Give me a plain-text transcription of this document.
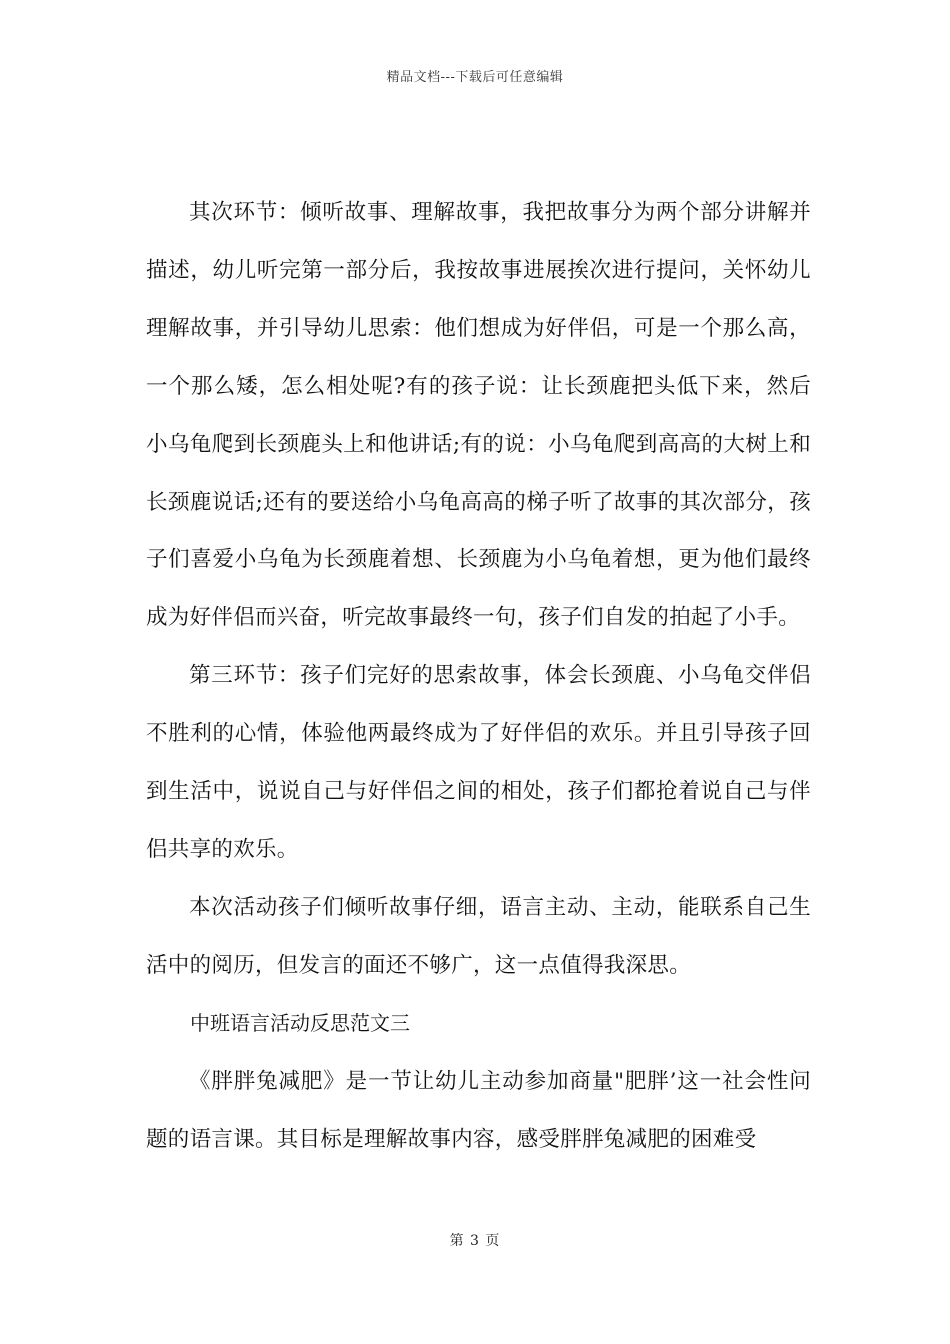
精品文档---下载后可任意编辑

其次环节：倾听故事、理解故事，我把故事分为两个部分讲解并描述，幼儿听完第一部分后，我按故事进展挨次进行提问，关怀幼儿理解故事，并引导幼儿思索：他们想成为好伴侣，可是一个那么高，一个那么矮，怎么相处呢?有的孩子说：让长颈鹿把头低下来，然后小乌龟爬到长颈鹿头上和他讲话;有的说：小乌龟爬到高高的大树上和长颈鹿说话;还有的要送给小乌龟高高的梯子听了故事的其次部分，孩子们喜爱小乌龟为长颈鹿着想、长颈鹿为小乌龟着想，更为他们最终成为好伴侣而兴奋，听完故事最终一句，孩子们自发的拍起了小手。

第三环节：孩子们完好的思索故事，体会长颈鹿、小乌龟交伴侣不胜利的心情，体验他两最终成为了好伴侣的欢乐。并且引导孩子回到生活中，说说自己与好伴侣之间的相处，孩子们都抢着说自己与伴侣共享的欢乐。

本次活动孩子们倾听故事仔细，语言主动、主动，能联系自己生活中的阅历，但发言的面还不够广，这一点值得我深思。

中班语言活动反思范文三

《胖胖兔减肥》是一节让幼儿主动参加商量"肥胖’这一社会性问题的语言课。其目标是理解故事内容，感受胖胖兔减肥的困难受

第 3 页
